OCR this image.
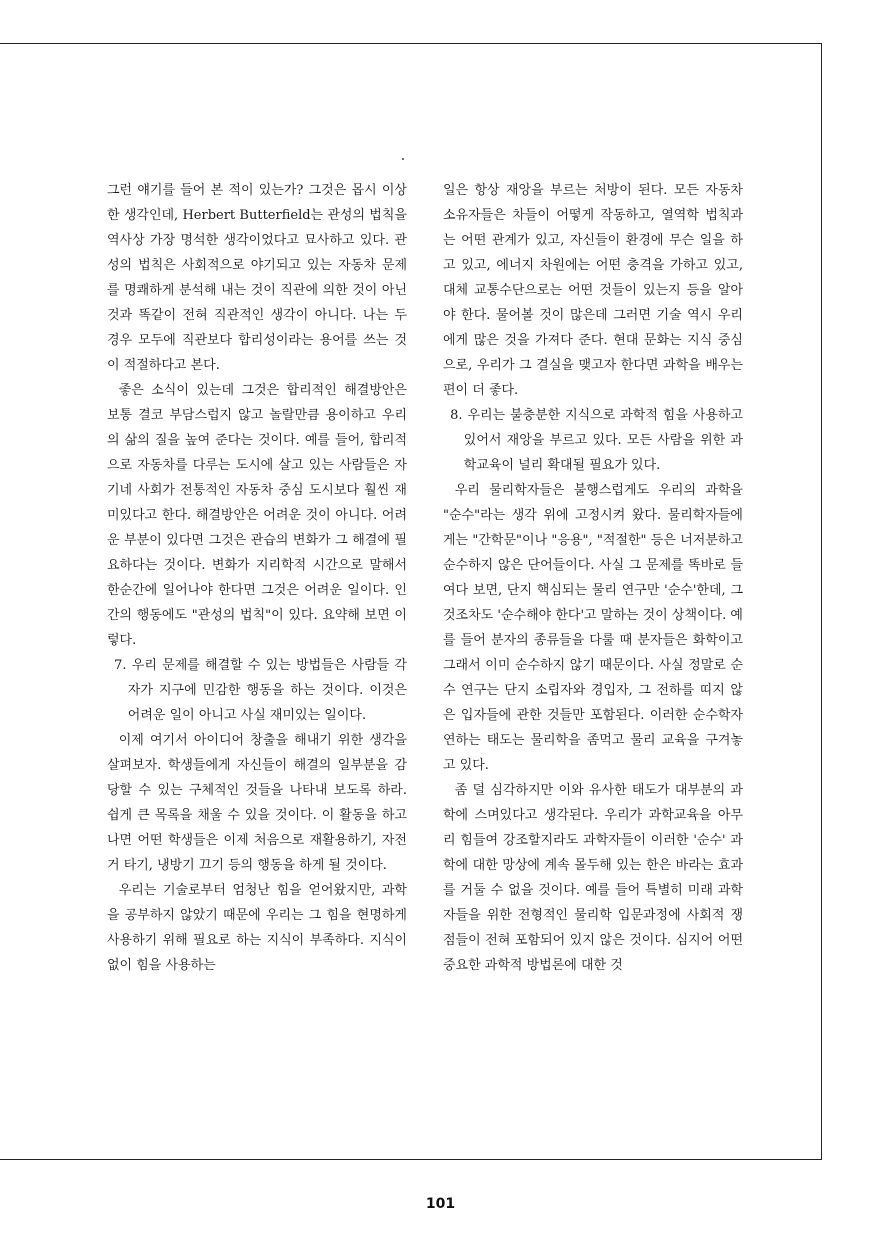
그런 얘기를 들어 본 적이 있는가? 그것은 몹시 이상한 생각인데, Herbert Butterfield는 관성의 법칙을 역사상 가장 명석한 생각이었다고 묘사하고 있다. 관성의 법칙은 사회적으로 야기되고 있는 자동차 문제를 명쾌하게 분석해 내는 것이 직관에 의한 것이 아닌 것과 똑같이 전혀 직관적인 생각이 아니다. 나는 두 경우 모두에 직관보다 합리성이라는 용어를 쓰는 것이 적절하다고 본다.

좋은 소식이 있는데 그것은 합리적인 해결방안은 보통 결코 부담스럽지 않고 놀랄만큼 용이하고 우리의 삶의 질을 높여 준다는 것이다. 예를 들어, 합리적으로 자동차를 다루는 도시에 살고 있는 사람들은 자기네 사회가 전통적인 자동차 중심 도시보다 훨씬 재미있다고 한다. 해결방안은 어려운 것이 아니다. 어려운 부분이 있다면 그것은 관습의 변화가 그 해결에 필요하다는 것이다. 변화가 지리학적 시간으로 말해서 한순간에 일어나야 한다면 그것은 어려운 일이다. 인간의 행동에도 "관성의 법칙"이 있다. 요약해 보면 이렇다.

7. 우리 문제를 해결할 수 있는 방법들은 사람들 각자가 지구에 민감한 행동을 하는 것이다. 이것은 어려운 일이 아니고 사실 재미있는 일이다.

이제 여기서 아이디어 창출을 해내기 위한 생각을 살펴보자. 학생들에게 자신들이 해결의 일부분을 감당할 수 있는 구체적인 것들을 나타내 보도록 하라. 쉽게 큰 목록을 채울 수 있을 것이다. 이 활동을 하고 나면 어떤 학생들은 이제 처음으로 재활용하기, 자전거 타기, 냉방기 끄기 등의 행동을 하게 될 것이다.

우리는 기술로부터 엄청난 힘을 얻어왔지만, 과학을 공부하지 않았기 때문에 우리는 그 힘을 현명하게 사용하기 위해 필요로 하는 지식이 부족하다. 지식이 없이 힘을 사용하는

일은 항상 재앙을 부르는 처방이 된다. 모든 자동차 소유자들은 차들이 어떻게 작동하고, 열역학 법칙과는 어떤 관계가 있고, 자신들이 환경에 무슨 일을 하고 있고, 에너지 차원에는 어떤 충격을 가하고 있고, 대체 교통수단으로는 어떤 것들이 있는지 등을 알아야 한다. 물어볼 것이 많은데 그러면 기술 역시 우리에게 많은 것을 가져다 준다. 현대 문화는 지식 중심으로, 우리가 그 결실을 맺고자 한다면 과학을 배우는 편이 더 좋다.

8. 우리는 불충분한 지식으로 과학적 힘을 사용하고 있어서 재앙을 부르고 있다. 모든 사람을 위한 과학교육이 널리 확대될 필요가 있다.

우리 물리학자들은 불행스럽게도 우리의 과학을 "순수"라는 생각 위에 고정시켜 왔다. 물리학자들에게는 "간학문"이나 "응용", "적절한" 등은 너저분하고 순수하지 않은 단어들이다. 사실 그 문제를 똑바로 들여다 보면, 단지 핵심되는 물리 연구만 '순수'한데, 그것조차도 '순수해야 한다'고 말하는 것이 상책이다. 예를 들어 분자의 종류들을 다룰 때 분자들은 화학이고 그래서 이미 순수하지 않기 때문이다. 사실 정말로 순수 연구는 단지 소립자와 경입자, 그 전하를 띠지 않은 입자들에 관한 것들만 포함된다. 이러한 순수학자연하는 태도는 물리학을 좀먹고 물리 교육을 구겨놓고 있다.

좀 덜 심각하지만 이와 유사한 태도가 대부분의 과학에 스며있다고 생각된다. 우리가 과학교육을 아무리 힘들여 강조할지라도 과학자들이 이러한 '순수' 과학에 대한 망상에 계속 몰두해 있는 한은 바라는 효과를 거둘 수 없을 것이다. 예를 들어 특별히 미래 과학자들을 위한 전형적인 물리학 입문과정에 사회적 쟁점들이 전혀 포함되어 있지 않은 것이다. 심지어 어떤 중요한 과학적 방법론에 대한 것

101
